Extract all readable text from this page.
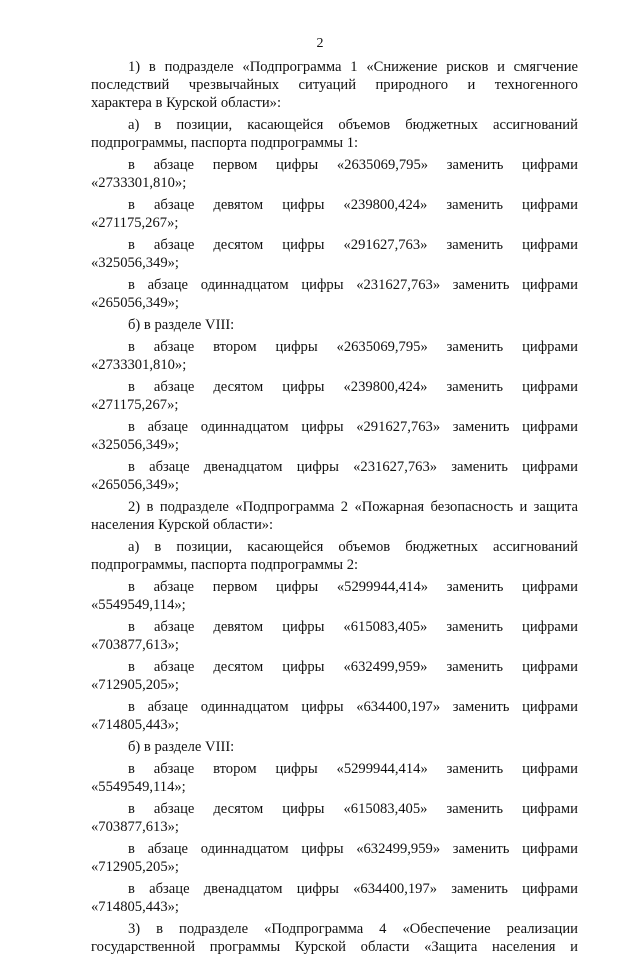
2
1) в подразделе «Подпрограмма 1 «Снижение рисков и смягчение
последствий чрезвычайных ситуаций природного и техногенного
характера в Курской области»:
а) в позиции, касающейся объемов бюджетных ассигнований
подпрограммы, паспорта подпрограммы 1:
в абзаце первом цифры «2635069,795» заменить цифрами
«2733301,810»;
в абзаце девятом цифры «239800,424» заменить цифрами
«271175,267»;
в абзаце десятом цифры «291627,763» заменить цифрами
«325056,349»;
в абзаце одиннадцатом цифры «231627,763» заменить цифрами
«265056,349»;
б) в разделе VIII:
в абзаце втором цифры «2635069,795» заменить цифрами
«2733301,810»;
в абзаце десятом цифры «239800,424» заменить цифрами
«271175,267»;
в абзаце одиннадцатом цифры «291627,763» заменить цифрами
«325056,349»;
в абзаце двенадцатом цифры «231627,763» заменить цифрами
«265056,349»;
2) в подразделе «Подпрограмма 2 «Пожарная безопасность и защита
населения Курской области»:
а) в позиции, касающейся объемов бюджетных ассигнований
подпрограммы, паспорта подпрограммы 2:
в абзаце первом цифры «5299944,414» заменить цифрами
«5549549,114»;
в абзаце девятом цифры «615083,405» заменить цифрами
«703877,613»;
в абзаце десятом цифры «632499,959» заменить цифрами
«712905,205»;
в абзаце одиннадцатом цифры «634400,197» заменить цифрами
«714805,443»;
б) в разделе VIII:
в абзаце втором цифры «5299944,414» заменить цифрами
«5549549,114»;
в абзаце десятом цифры «615083,405» заменить цифрами
«703877,613»;
в абзаце одиннадцатом цифры «632499,959» заменить цифрами
«712905,205»;
в абзаце двенадцатом цифры «634400,197» заменить цифрами
«714805,443»;
3) в подразделе «Подпрограмма 4 «Обеспечение реализации
государственной программы Курской области «Защита населения и
